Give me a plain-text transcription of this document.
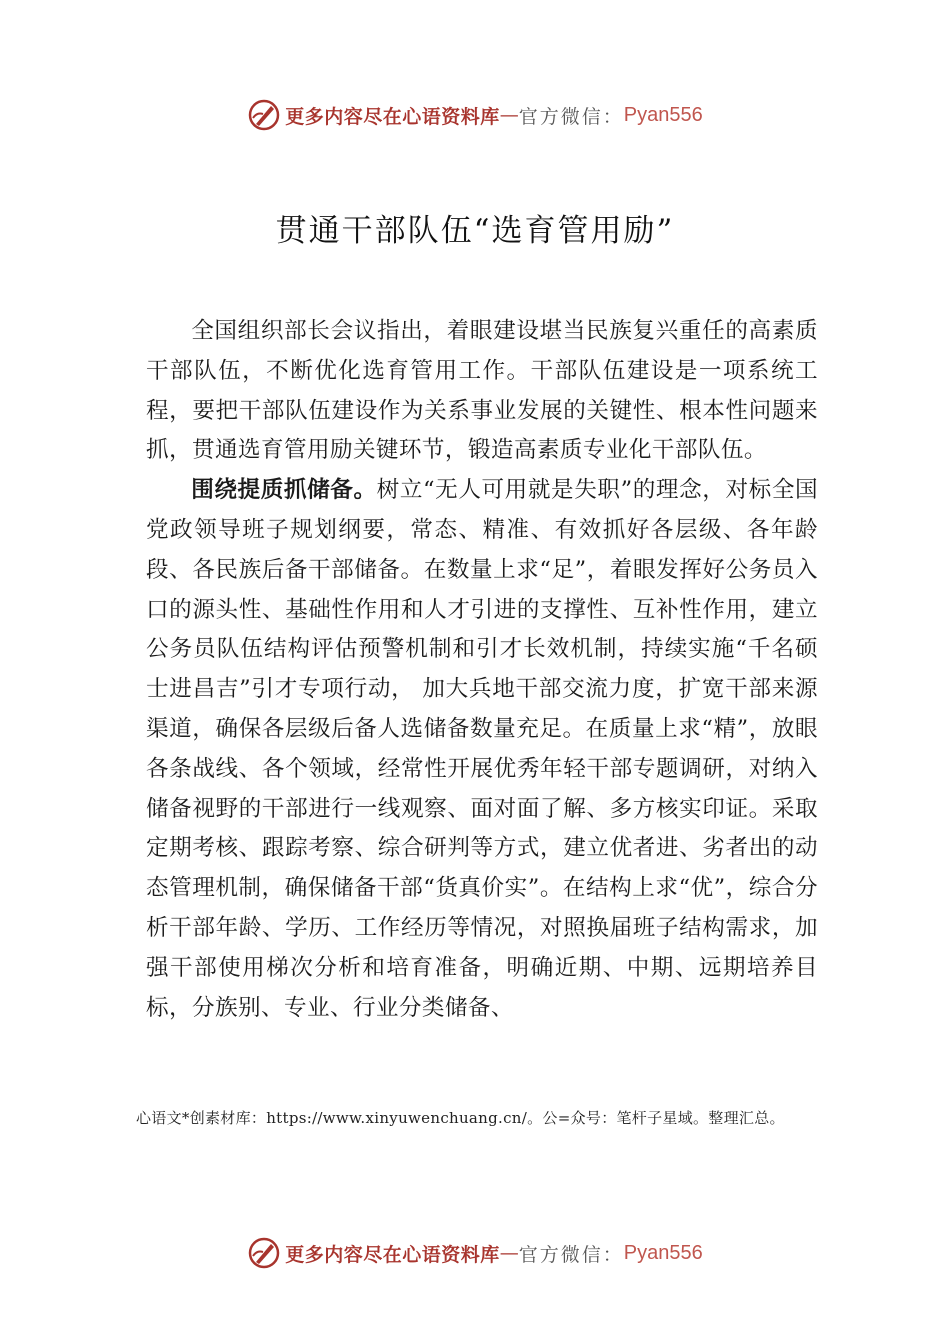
更多内容尽在心语资料库 — 官方微信： Pyan556
贯通干部队伍“选育管用励”

全国组织部长会议指出，着眼建设堪当民族复兴重任的高素质干部队伍，不断优化选育管用工作。干部队伍建设是一项系统工程，要把干部队伍建设作为关系事业发展的关键性、根本性问题来抓，贯通选育管用励关键环节，锻造高素质专业化干部队伍。

围绕提质抓储备。树立“无人可用就是失职”的理念，对标全国党政领导班子规划纲要，常态、精准、有效抓好各层级、各年龄段、各民族后备干部储备。在数量上求“足”，着眼发挥好公务员入口的源头性、基础性作用和人才引进的支撑性、互补性作用，建立公务员队伍结构评估预警机制和引才长效机制，持续实施“千名硕士进昌吉”引才专项行动， 加大兵地干部交流力度，扩宽干部来源渠道，确保各层级后备人选储备数量充足。在质量上求“精”，放眼各条战线、各个领域，经常性开展优秀年轻干部专题调研，对纳入储备视野的干部进行一线观察、面对面了解、多方核实印证。采取定期考核、跟踪考察、综合研判等方式，建立优者进、劣者出的动态管理机制，确保储备干部“货真价实”。在结构上求“优”，综合分析干部年龄、学历、工作经历等情况，对照换届班子结构需求，加强干部使用梯次分析和培育准备，明确近期、中期、远期培养目标，分族别、专业、行业分类储备、

心语文*创素材库：https://www.xinyuwenchuang.cn/。公=众号：笔杆子星域。整理汇总。
更多内容尽在心语资料库 — 官方微信： Pyan556
